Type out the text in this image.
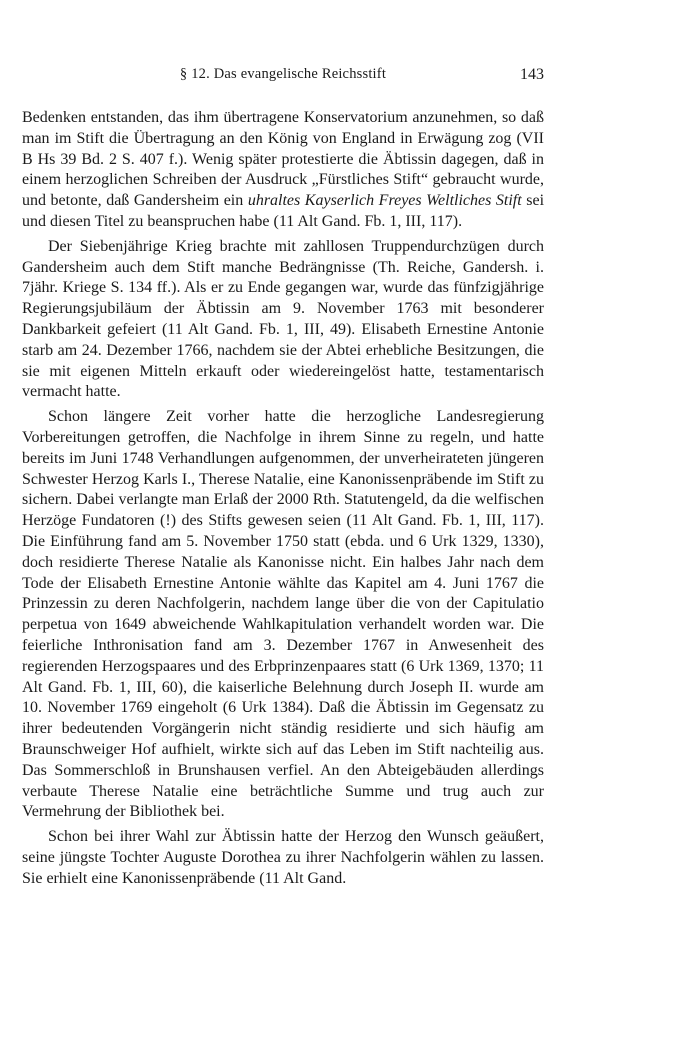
§ 12. Das evangelische Reichsstift	143

Bedenken entstanden, das ihm übertragene Konservatorium anzunehmen, so daß man im Stift die Übertragung an den König von England in Erwägung zog (VII B Hs 39 Bd. 2 S. 407 f.). Wenig später protestierte die Äbtissin dagegen, daß in einem herzoglichen Schreiben der Ausdruck „Fürstliches Stift“ gebraucht wurde, und betonte, daß Gandersheim ein uhraltes Kayserlich Freyes Weltliches Stift sei und diesen Titel zu beanspruchen habe (11 Alt Gand. Fb. 1, III, 117).

Der Siebenjährige Krieg brachte mit zahllosen Truppendurchzügen durch Gandersheim auch dem Stift manche Bedrängnisse (Th. Reiche, Gandersh. i. 7jähr. Kriege S. 134 ff.). Als er zu Ende gegangen war, wurde das fünfzigjährige Regierungsjubiläum der Äbtissin am 9. November 1763 mit besonderer Dankbarkeit gefeiert (11 Alt Gand. Fb. 1, III, 49). Elisabeth Ernestine Antonie starb am 24. Dezember 1766, nachdem sie der Abtei erhebliche Besitzungen, die sie mit eigenen Mitteln erkauft oder wiedereingelöst hatte, testamentarisch vermacht hatte.

Schon längere Zeit vorher hatte die herzogliche Landesregierung Vorbereitungen getroffen, die Nachfolge in ihrem Sinne zu regeln, und hatte bereits im Juni 1748 Verhandlungen aufgenommen, der unverheirateten jüngeren Schwester Herzog Karls I., Therese Natalie, eine Kanonissenpräbende im Stift zu sichern. Dabei verlangte man Erlaß der 2000 Rth. Statutengeld, da die welfischen Herzöge Fundatoren (!) des Stifts gewesen seien (11 Alt Gand. Fb. 1, III, 117). Die Einführung fand am 5. November 1750 statt (ebda. und 6 Urk 1329, 1330), doch residierte Therese Natalie als Kanonisse nicht. Ein halbes Jahr nach dem Tode der Elisabeth Ernestine Antonie wählte das Kapitel am 4. Juni 1767 die Prinzessin zu deren Nachfolgerin, nachdem lange über die von der Capitulatio perpetua von 1649 abweichende Wahlkapitulation verhandelt worden war. Die feierliche Inthronisation fand am 3. Dezember 1767 in Anwesenheit des regierenden Herzogspaares und des Erbprinzenpaares statt (6 Urk 1369, 1370; 11 Alt Gand. Fb. 1, III, 60), die kaiserliche Belehnung durch Joseph II. wurde am 10. November 1769 eingeholt (6 Urk 1384). Daß die Äbtissin im Gegensatz zu ihrer bedeutenden Vorgängerin nicht ständig residierte und sich häufig am Braunschweiger Hof aufhielt, wirkte sich auf das Leben im Stift nachteilig aus. Das Sommerschloß in Brunshausen verfiel. An den Abteigebäuden allerdings verbaute Therese Natalie eine beträchtliche Summe und trug auch zur Vermehrung der Bibliothek bei.

Schon bei ihrer Wahl zur Äbtissin hatte der Herzog den Wunsch geäußert, seine jüngste Tochter Auguste Dorothea zu ihrer Nachfolgerin wählen zu lassen. Sie erhielt eine Kanonissenpräbende (11 Alt Gand.
